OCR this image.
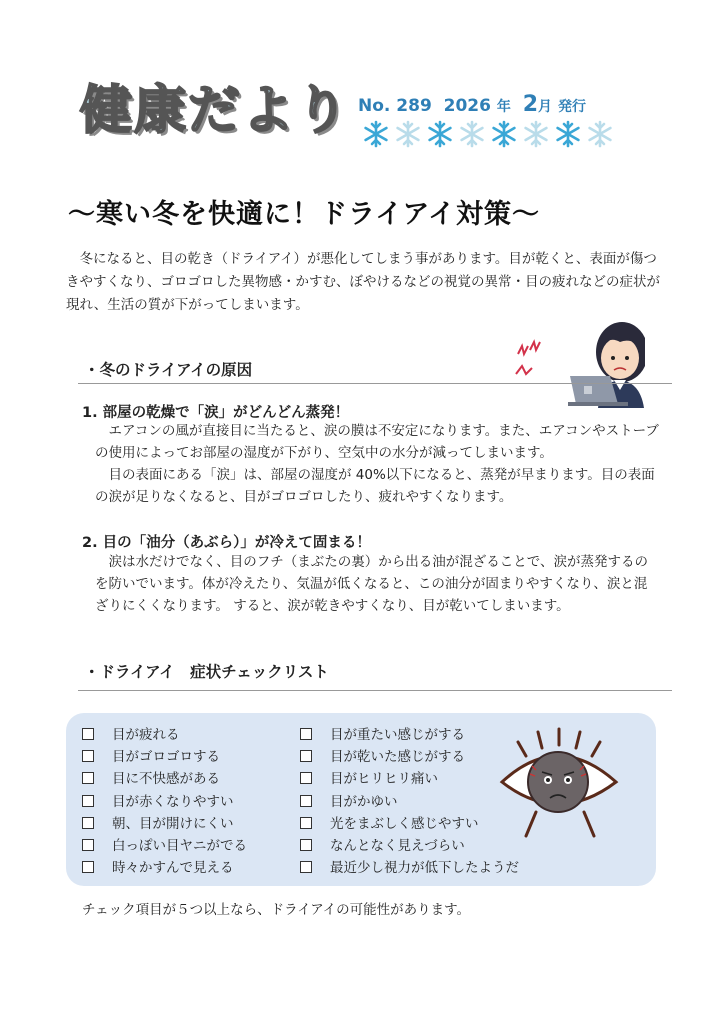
健康だより No. 289 2026 年 2月 発行
～寒い冬を快適に！ドライアイ対策～
冬になると、目の乾き（ドライアイ）が悪化してしまう事があります。目が乾くと、表面が傷つきやすくなり、ゴロゴロした異物感・かすむ、ぼやけるなどの視覚の異常・目の疲れなどの症状が現れ、生活の質が下がってしまいます。
・冬のドライアイの原因
1. 部屋の乾燥で「涙」がどんどん蒸発！

エアコンの風が直接目に当たると、涙の膜は不安定になります。また、エアコンやストーブの使用によってお部屋の湿度が下がり、空気中の水分が減ってしまいます。

目の表面にある「涙」は、部屋の湿度が 40%以下になると、蒸発が早まります。目の表面の涙が足りなくなると、目がゴロゴロしたり、疲れやすくなります。

2. 目の「油分（あぶら）」が冷えて固まる！

涙は水だけでなく、目のフチ（まぶたの裏）から出る油が混ざることで、涙が蒸発するのを防いでいます。体が冷えたり、気温が低くなると、この油分が固まりやすくなり、涙と混ざりにくくなります。 すると、涙が乾きやすくなり、目が乾いてしまいます。

・ドライアイ　症状チェックリスト
目が疲れる
目がゴロゴロする
目に不快感がある
目が赤くなりやすい
朝、目が開けにくい
白っぽい目ヤニがでる
時々かすんで見える
目が重たい感じがする
目が乾いた感じがする
目がヒリヒリ痛い
目がかゆい
光をまぶしく感じやすい
なんとなく見えづらい
最近少し視力が低下したようだ
チェック項目が５つ以上なら、ドライアイの可能性があります。
